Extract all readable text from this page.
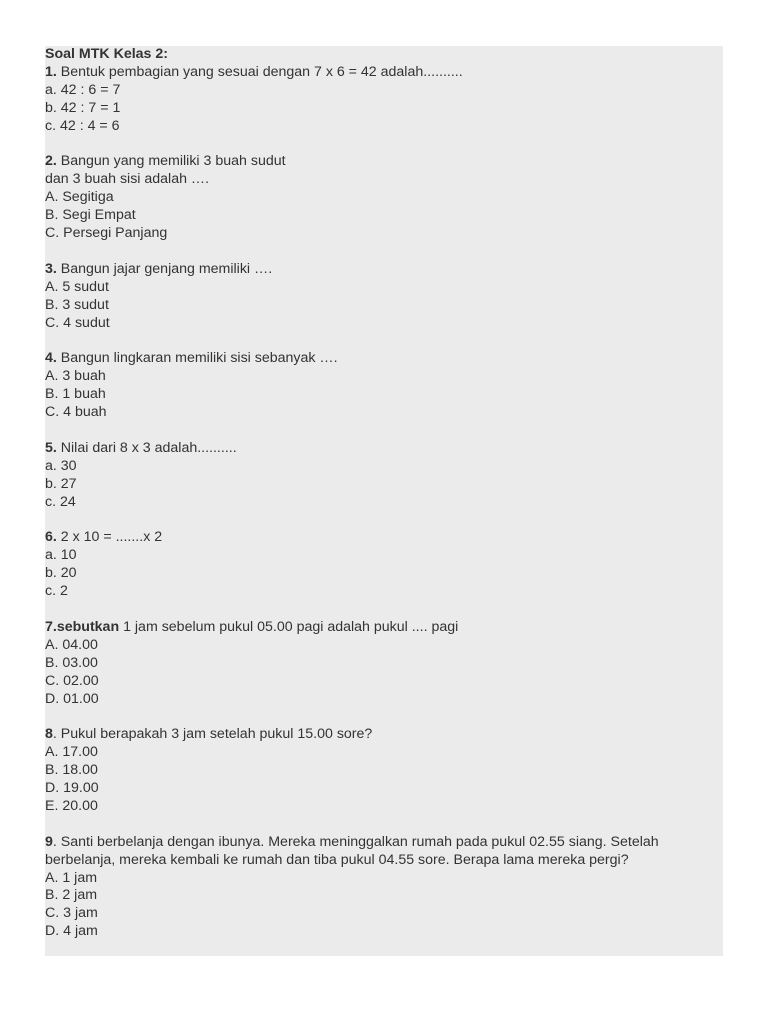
Soal MTK Kelas 2:
1. Bentuk pembagian yang sesuai dengan 7 x 6 = 42 adalah..........
a. 42 : 6 = 7
b. 42 : 7 = 1
c. 42 : 4 = 6
2. Bangun yang memiliki 3 buah sudut
dan 3 buah sisi adalah ….
A. Segitiga
B. Segi Empat
C. Persegi Panjang
3. Bangun jajar genjang memiliki ….
A. 5 sudut
B. 3 sudut
C. 4 sudut
4. Bangun lingkaran memiliki sisi sebanyak ….
A. 3 buah
B. 1 buah
C. 4 buah
5. Nilai dari 8 x 3 adalah..........
a. 30
b. 27
c. 24
6. 2 x 10 = .......x 2
a. 10
b. 20
c. 2
7.sebutkan 1 jam sebelum pukul 05.00 pagi adalah pukul .... pagi
A. 04.00
B. 03.00
C. 02.00
D. 01.00
8. Pukul berapakah 3 jam setelah pukul 15.00 sore?
A. 17.00
B. 18.00
D. 19.00
E. 20.00
9. Santi berbelanja dengan ibunya. Mereka meninggalkan rumah pada pukul 02.55 siang. Setelah
berbelanja, mereka kembali ke rumah dan tiba pukul 04.55 sore. Berapa lama mereka pergi?
A. 1 jam
B. 2 jam
C. 3 jam
D. 4 jam
